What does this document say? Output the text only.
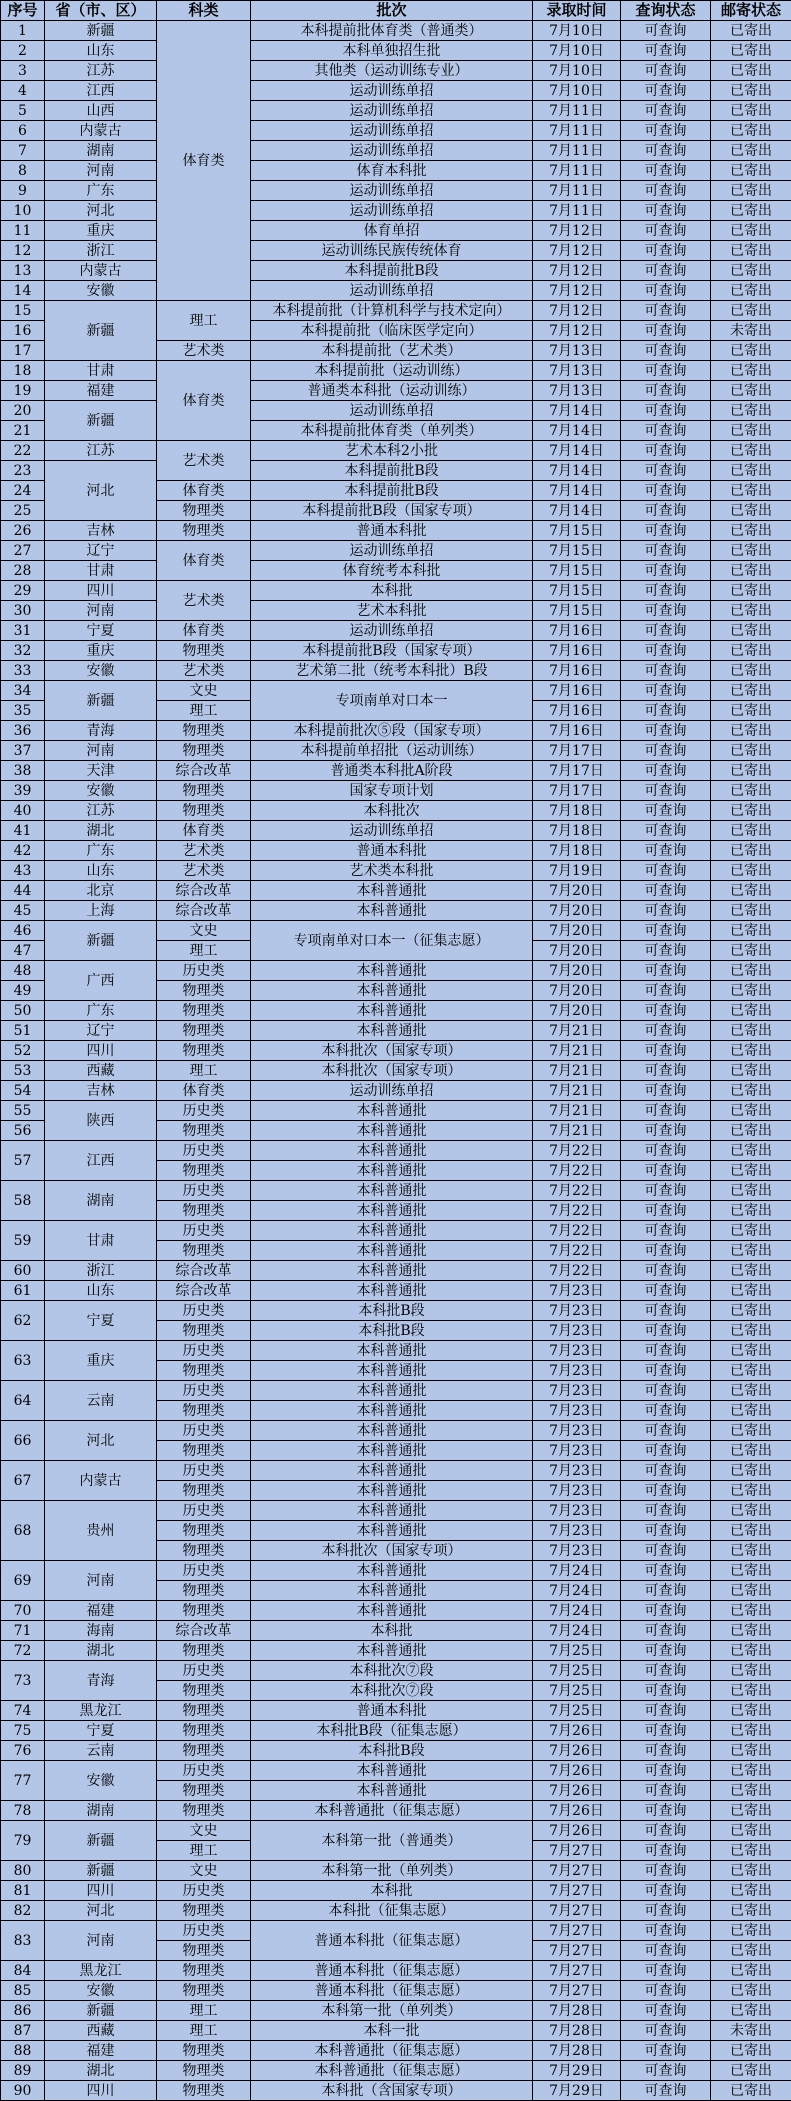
序号	省（市、区）	科类	批次	录取时间	查询状态	邮寄状态
1	新疆	体育类	本科提前批体育类（普通类）	7月10日	可查询	已寄出
2	山东		本科单独招生批	7月10日	可查询	已寄出
3	江苏		其他类（运动训练专业）	7月10日	可查询	已寄出
4	江西		运动训练单招	7月10日	可查询	已寄出
5	山西		运动训练单招	7月11日	可查询	已寄出
6	内蒙古		运动训练单招	7月11日	可查询	已寄出
7	湖南		运动训练单招	7月11日	可查询	已寄出
8	河南		体育本科批	7月11日	可查询	已寄出
9	广东		运动训练单招	7月11日	可查询	已寄出
10	河北		运动训练单招	7月11日	可查询	已寄出
11	重庆		体育单招	7月12日	可查询	已寄出
12	浙江		运动训练民族传统体育	7月12日	可查询	已寄出
13	内蒙古		本科提前批B段	7月12日	可查询	已寄出
14	安徽		运动训练单招	7月12日	可查询	已寄出
15	新疆	理工	本科提前批（计算机科学与技术定向）	7月12日	可查询	已寄出
16			本科提前批（临床医学定向）	7月12日	可查询	未寄出
17		艺术类	本科提前批（艺术类）	7月13日	可查询	已寄出
18	甘肃	体育类	本科提前批（运动训练）	7月13日	可查询	已寄出
19	福建		普通类本科批（运动训练）	7月13日	可查询	已寄出
20	新疆		运动训练单招	7月14日	可查询	已寄出
21			本科提前批体育类（单列类）	7月14日	可查询	已寄出
22	江苏	艺术类	艺术本科2小批	7月14日	可查询	已寄出
23	河北		本科提前批B段	7月14日	可查询	已寄出
24		体育类	本科提前批B段	7月14日	可查询	已寄出
25		物理类	本科提前批B段（国家专项）	7月14日	可查询	已寄出
26	吉林	物理类	普通本科批	7月15日	可查询	已寄出
27	辽宁	体育类	运动训练单招	7月15日	可查询	已寄出
28	甘肃		体育统考本科批	7月15日	可查询	已寄出
29	四川	艺术类	本科批	7月15日	可查询	已寄出
30	河南		艺术本科批	7月15日	可查询	已寄出
31	宁夏	体育类	运动训练单招	7月16日	可查询	已寄出
32	重庆	物理类	本科提前批B段（国家专项）	7月16日	可查询	已寄出
33	安徽	艺术类	艺术第二批（统考本科批）B段	7月16日	可查询	已寄出
34	新疆	文史	专项南单对口本一	7月16日	可查询	已寄出
35		理工		7月16日	可查询	已寄出
36	青海	物理类	本科提前批次⑤段（国家专项）	7月16日	可查询	已寄出
37	河南	物理类	本科提前单招批（运动训练）	7月17日	可查询	已寄出
38	天津	综合改革	普通类本科批A阶段	7月17日	可查询	已寄出
39	安徽	物理类	国家专项计划	7月17日	可查询	已寄出
40	江苏	物理类	本科批次	7月18日	可查询	已寄出
41	湖北	体育类	运动训练单招	7月18日	可查询	已寄出
42	广东	艺术类	普通本科批	7月18日	可查询	已寄出
43	山东	艺术类	艺术类本科批	7月19日	可查询	已寄出
44	北京	综合改革	本科普通批	7月20日	可查询	已寄出
45	上海	综合改革	本科普通批	7月20日	可查询	已寄出
46	新疆	文史	专项南单对口本一（征集志愿）	7月20日	可查询	已寄出
47		理工		7月20日	可查询	已寄出
48	广西	历史类	本科普通批	7月20日	可查询	已寄出
49		物理类	本科普通批	7月20日	可查询	已寄出
50	广东	物理类	本科普通批	7月20日	可查询	已寄出
51	辽宁	物理类	本科普通批	7月21日	可查询	已寄出
52	四川	物理类	本科批次（国家专项）	7月21日	可查询	已寄出
53	西藏	理工	本科批次（国家专项）	7月21日	可查询	已寄出
54	吉林	体育类	运动训练单招	7月21日	可查询	已寄出
55	陕西	历史类	本科普通批	7月21日	可查询	已寄出
56		物理类	本科普通批	7月21日	可查询	已寄出
57	江西	历史类	本科普通批	7月22日	可查询	已寄出
		物理类	本科普通批	7月22日	可查询	已寄出
58	湖南	历史类	本科普通批	7月22日	可查询	已寄出
		物理类	本科普通批	7月22日	可查询	已寄出
59	甘肃	历史类	本科普通批	7月22日	可查询	已寄出
		物理类	本科普通批	7月22日	可查询	已寄出
60	浙江	综合改革	本科普通批	7月22日	可查询	已寄出
61	山东	综合改革	本科普通批	7月23日	可查询	已寄出
62	宁夏	历史类	本科批B段	7月23日	可查询	已寄出
		物理类	本科批B段	7月23日	可查询	已寄出
63	重庆	历史类	本科普通批	7月23日	可查询	已寄出
		物理类	本科普通批	7月23日	可查询	已寄出
64	云南	历史类	本科普通批	7月23日	可查询	已寄出
		物理类	本科普通批	7月23日	可查询	已寄出
66	河北	历史类	本科普通批	7月23日	可查询	已寄出
		物理类	本科普通批	7月23日	可查询	已寄出
67	内蒙古	历史类	本科普通批	7月23日	可查询	已寄出
		物理类	本科普通批	7月23日	可查询	已寄出
68	贵州	历史类	本科普通批	7月23日	可查询	已寄出
		物理类	本科普通批	7月23日	可查询	已寄出
		物理类	本科批次（国家专项）	7月23日	可查询	已寄出
69	河南	历史类	本科普通批	7月24日	可查询	已寄出
		物理类	本科普通批	7月24日	可查询	已寄出
70	福建	物理类	本科普通批	7月24日	可查询	已寄出
71	海南	综合改革	本科批	7月24日	可查询	已寄出
72	湖北	物理类	本科普通批	7月25日	可查询	已寄出
73	青海	历史类	本科批次⑦段	7月25日	可查询	已寄出
		物理类	本科批次⑦段	7月25日	可查询	已寄出
74	黑龙江	物理类	普通本科批	7月25日	可查询	已寄出
75	宁夏	物理类	本科批B段（征集志愿）	7月26日	可查询	已寄出
76	云南	物理类	本科批B段	7月26日	可查询	已寄出
77	安徽	历史类	本科普通批	7月26日	可查询	已寄出
		物理类	本科普通批	7月26日	可查询	已寄出
78	湖南	物理类	本科普通批（征集志愿）	7月26日	可查询	已寄出
79	新疆	文史	本科第一批（普通类）	7月26日	可查询	已寄出
		理工		7月27日	可查询	已寄出
80	新疆	文史	本科第一批（单列类）	7月27日	可查询	已寄出
81	四川	历史类	本科批	7月27日	可查询	已寄出
82	河北	物理类	本科批（征集志愿）	7月27日	可查询	已寄出
83	河南	历史类	普通本科批（征集志愿）	7月27日	可查询	已寄出
		物理类		7月27日	可查询	已寄出
84	黑龙江	物理类	普通本科批（征集志愿）	7月27日	可查询	已寄出
85	安徽	物理类	普通本科批（征集志愿）	7月27日	可查询	已寄出
86	新疆	理工	本科第一批（单列类）	7月28日	可查询	已寄出
87	西藏	理工	本科一批	7月28日	可查询	未寄出
88	福建	物理类	本科普通批（征集志愿）	7月28日	可查询	已寄出
89	湖北	物理类	本科普通批（征集志愿）	7月29日	可查询	已寄出
90	四川	物理类	本科批（含国家专项）	7月29日	可查询	已寄出
